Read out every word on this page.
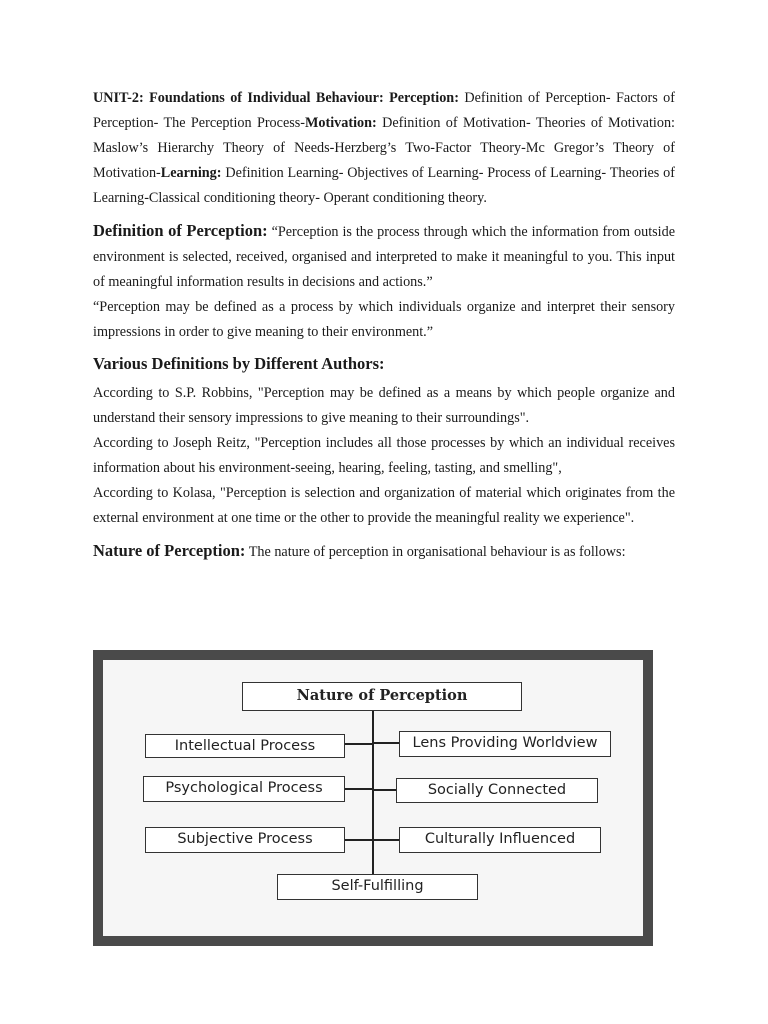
UNIT-2: Foundations of Individual Behaviour: Perception: Definition of Perception- Factors of Perception- The Perception Process-Motivation: Definition of Motivation- Theories of Motivation: Maslow’s Hierarchy Theory of Needs-Herzberg’s Two-Factor Theory-Mc Gregor’s Theory of Motivation-Learning: Definition Learning- Objectives of Learning- Process of Learning- Theories of Learning-Classical conditioning theory- Operant conditioning theory.

Definition of Perception: “Perception is the process through which the information from outside environment is selected, received, organised and interpreted to make it meaningful to you. This input of meaningful information results in decisions and actions.”

“Perception may be defined as a process by which individuals organize and interpret their sensory impressions in order to give meaning to their environment.”

Various Definitions by Different Authors:

According to S.P. Robbins, "Perception may be defined as a means by which people organize and understand their sensory impressions to give meaning to their surroundings".

According to Joseph Reitz, "Perception includes all those processes by which an individual receives information about his environment-seeing, hearing, feeling, tasting, and smelling",

According to Kolasa, "Perception is selection and organization of material which originates from the external environment at one time or the other to provide the meaningful reality we experience".

Nature of Perception: The nature of perception in organisational behaviour is as follows:

Nature of Perception
Intellectual Process
Psychological Process
Subjective Process
Lens Providing Worldview
Socially Connected
Culturally Influenced
Self-Fulfilling
